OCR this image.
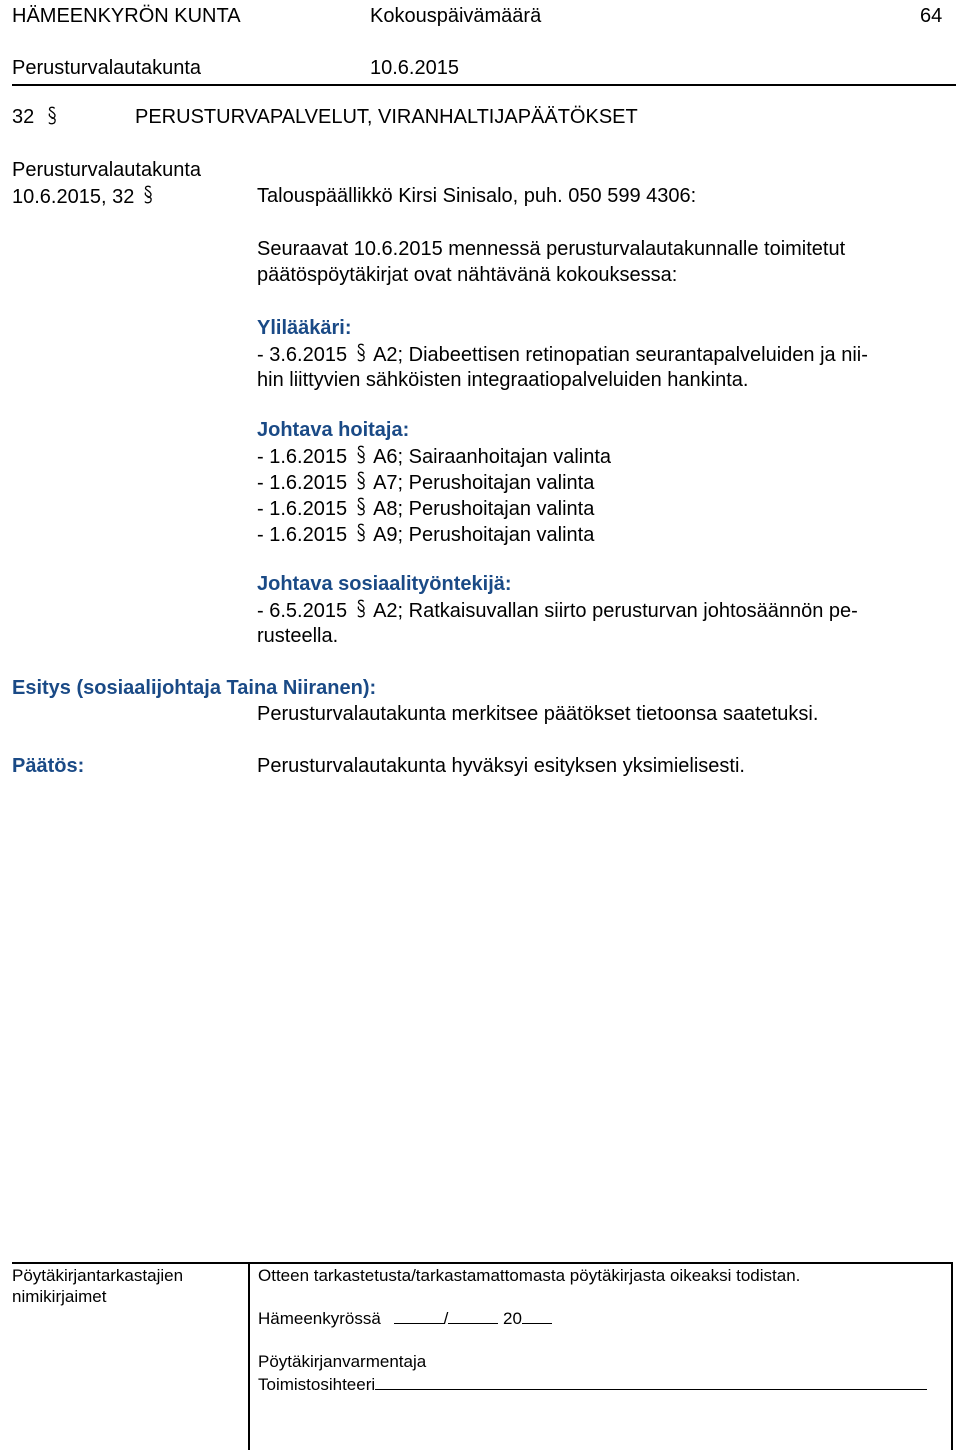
HÄMEENKYRÖN KUNTA	Kokouspäivämäärä	64
Perusturvalautakunta	10.6.2015
32	PERUSTURVAPALVELUT, VIRANHALTIJAPÄÄTÖKSET
Perusturvalautakunta
10.6.2015, 32	Talouspäällikkö Kirsi Sinisalo, puh. 050 599 4306:
Seuraavat 10.6.2015 mennessä perusturvalautakunnalle toimitetut
päätöspöytäkirjat ovat nähtävänä kokouksessa:
Ylilääkäri:
- 3.6.2015 A2; Diabeettisen retinopatian seurantapalveluiden ja nii-
hin liittyvien sähköisten integraatiopalveluiden hankinta.
Johtava hoitaja:
- 1.6.2015 A6; Sairaanhoitajan valinta
- 1.6.2015 A7; Perushoitajan valinta
- 1.6.2015 A8; Perushoitajan valinta
- 1.6.2015 A9; Perushoitajan valinta
Johtava sosiaalityöntekijä:
- 6.5.2015 A2; Ratkaisuvallan siirto perusturvan johtosäännön pe-
rusteella.
Esitys (sosiaalijohtaja Taina Niiranen):
Perusturvalautakunta merkitsee päätökset tietoonsa saatetuksi.
Päätös:	Perusturvalautakunta hyväksyi esityksen yksimielisesti.
Pöytäkirjantarkastajien
nimikirjaimet
Otteen tarkastetusta/tarkastamattomasta pöytäkirjasta oikeaksi todistan.
Hämeenkyrössä	/	20
Pöytäkirjanvarmentaja
Toimistosihteeri
